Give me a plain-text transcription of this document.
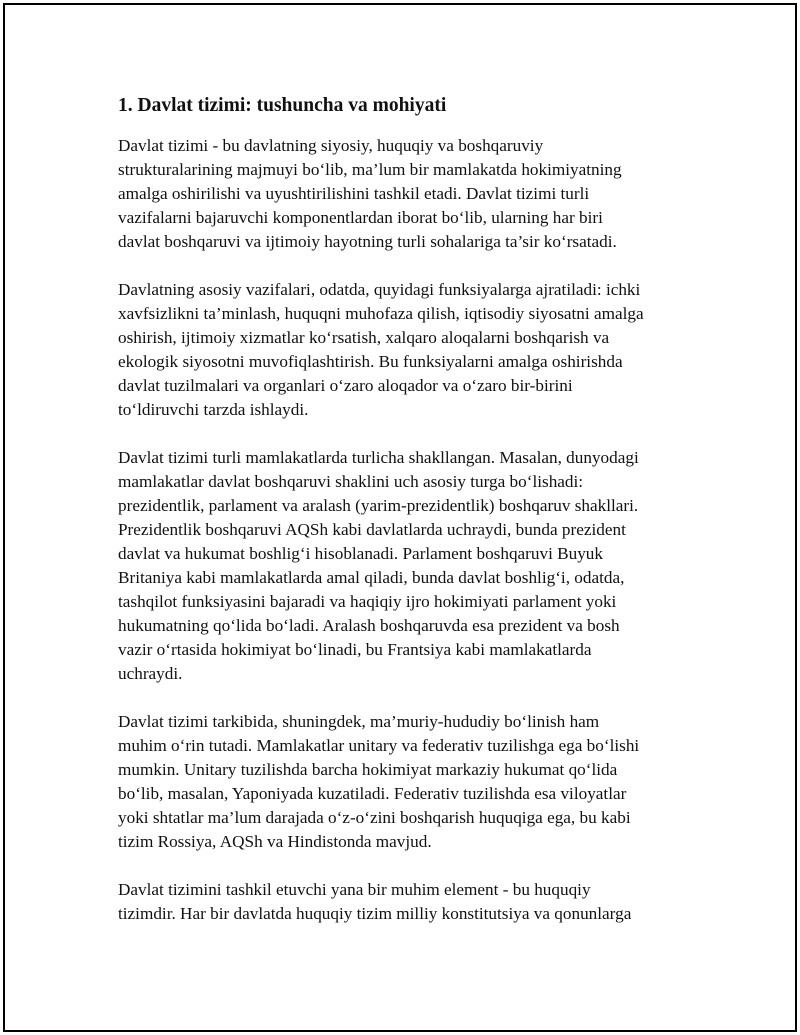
1. Davlat tizimi: tushuncha va mohiyati

Davlat tizimi - bu davlatning siyosiy, huquqiy va boshqaruviy
strukturalarining majmuyi bo‘lib, ma’lum bir mamlakatda hokimiyatning
amalga oshirilishi va uyushtirilishini tashkil etadi. Davlat tizimi turli
vazifalarni bajaruvchi komponentlardan iborat bo‘lib, ularning har biri
davlat boshqaruvi va ijtimoiy hayotning turli sohalariga ta’sir ko‘rsatadi.

Davlatning asosiy vazifalari, odatda, quyidagi funksiyalarga ajratiladi: ichki
xavfsizlikni ta’minlash, huquqni muhofaza qilish, iqtisodiy siyosatni amalga
oshirish, ijtimoiy xizmatlar ko‘rsatish, xalqaro aloqalarni boshqarish va
ekologik siyosotni muvofiqlashtirish. Bu funksiyalarni amalga oshirishda
davlat tuzilmalari va organlari o‘zaro aloqador va o‘zaro bir-birini
to‘ldiruvchi tarzda ishlaydi.

Davlat tizimi turli mamlakatlarda turlicha shakllangan. Masalan, dunyodagi
mamlakatlar davlat boshqaruvi shaklini uch asosiy turga bo‘lishadi:
prezidentlik, parlament va aralash (yarim-prezidentlik) boshqaruv shakllari.
Prezidentlik boshqaruvi AQSh kabi davlatlarda uchraydi, bunda prezident
davlat va hukumat boshlig‘i hisoblanadi. Parlament boshqaruvi Buyuk
Britaniya kabi mamlakatlarda amal qiladi, bunda davlat boshlig‘i, odatda,
tashqilot funksiyasini bajaradi va haqiqiy ijro hokimiyati parlament yoki
hukumatning qo‘lida bo‘ladi. Aralash boshqaruvda esa prezident va bosh
vazir o‘rtasida hokimiyat bo‘linadi, bu Frantsiya kabi mamlakatlarda
uchraydi.

Davlat tizimi tarkibida, shuningdek, ma’muriy-hududiy bo‘linish ham
muhim o‘rin tutadi. Mamlakatlar unitary va federativ tuzilishga ega bo‘lishi
mumkin. Unitary tuzilishda barcha hokimiyat markaziy hukumat qo‘lida
bo‘lib, masalan, Yaponiyada kuzatiladi. Federativ tuzilishda esa viloyatlar
yoki shtatlar ma’lum darajada o‘z-o‘zini boshqarish huquqiga ega, bu kabi
tizim Rossiya, AQSh va Hindistonda mavjud.

Davlat tizimini tashkil etuvchi yana bir muhim element - bu huquqiy
tizimdir. Har bir davlatda huquqiy tizim milliy konstitutsiya va qonunlarga
